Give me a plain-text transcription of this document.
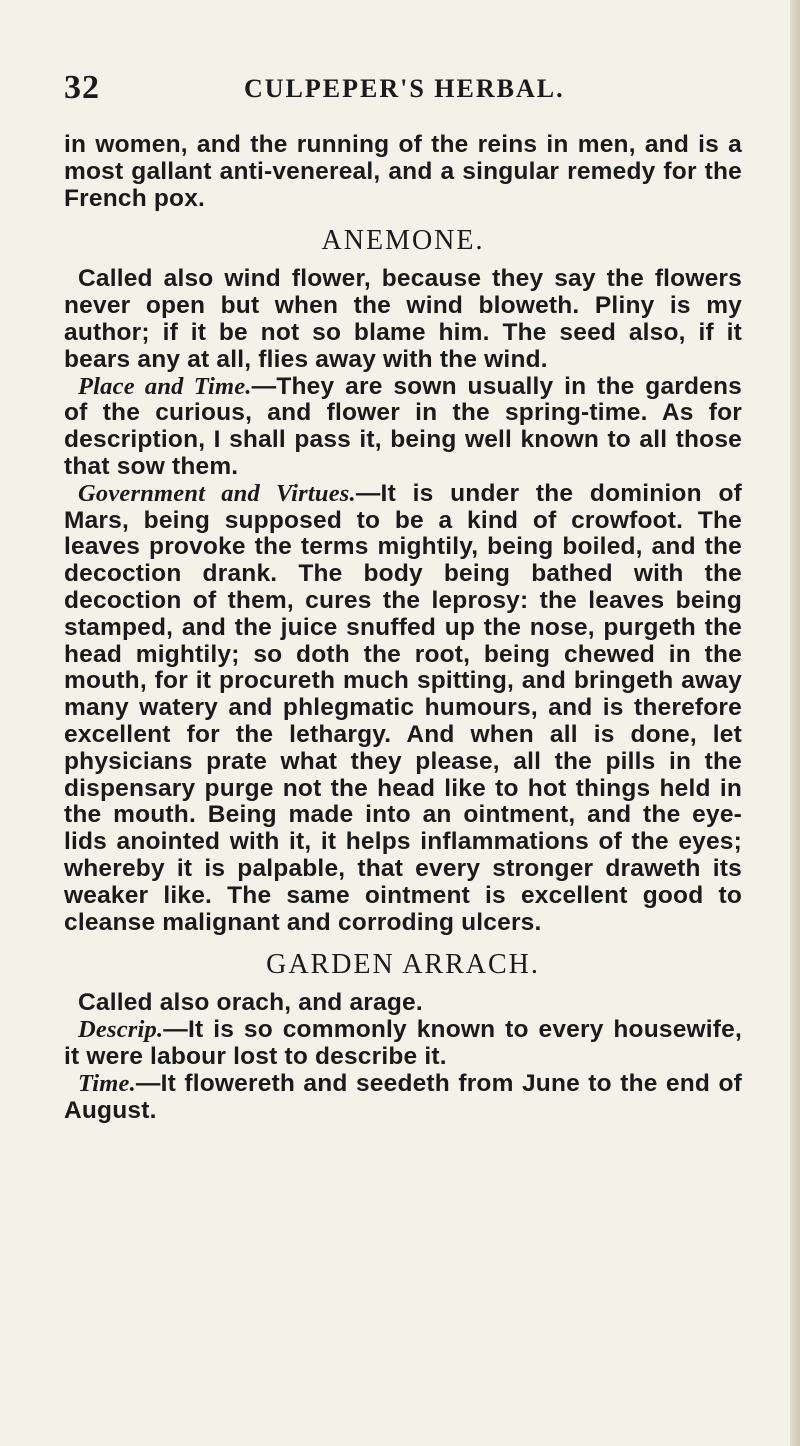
32	CULPEPER'S HERBAL.

in women, and the running of the reins in men, and is a most gallant anti-venereal, and a singular remedy for the French pox.

ANEMONE.

Called also wind flower, because they say the flowers never open but when the wind bloweth. Pliny is my author; if it be not so blame him. The seed also, if it bears any at all, flies away with the wind.

Place and Time.—They are sown usually in the gardens of the curious, and flower in the spring-time. As for description, I shall pass it, being well known to all those that sow them.

Government and Virtues.—It is under the dominion of Mars, being supposed to be a kind of crowfoot. The leaves provoke the terms mightily, being boiled, and the decoction drank. The body being bathed with the decoction of them, cures the leprosy: the leaves being stamped, and the juice snuffed up the nose, purgeth the head mightily; so doth the root, being chewed in the mouth, for it procureth much spitting, and bringeth away many watery and phlegmatic humours, and is therefore excellent for the lethargy. And when all is done, let physicians prate what they please, all the pills in the dispensary purge not the head like to hot things held in the mouth. Being made into an ointment, and the eye-lids anointed with it, it helps inflammations of the eyes; whereby it is palpable, that every stronger draweth its weaker like. The same ointment is excellent good to cleanse malignant and corroding ulcers.

GARDEN ARRACH.

Called also orach, and arage.

Descrip.—It is so commonly known to every housewife, it were labour lost to describe it.

Time.—It flowereth and seedeth from June to the end of August.
